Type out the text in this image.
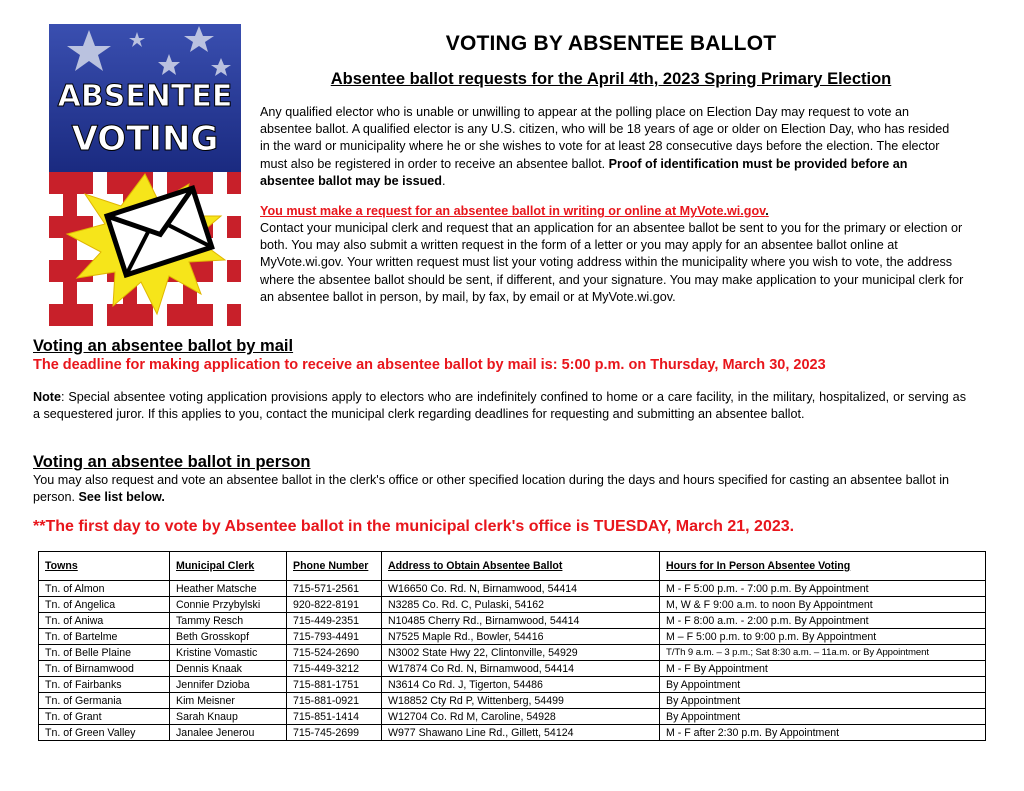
ABSENTEE
VOTING
VOTING BY ABSENTEE BALLOT
Absentee ballot requests for the April 4th, 2023 Spring Primary Election
Any qualified elector who is unable or unwilling to appear at the polling place on Election Day may request to vote an absentee ballot. A qualified elector is any U.S. citizen, who will be 18 years of age or older on Election Day, who has resided in the ward or municipality where he or she wishes to vote for at least 28 consecutive days before the election. The elector must also be registered in order to receive an absentee ballot. Proof of identification must be provided before an absentee ballot may be issued.
You must make a request for an absentee ballot in writing or online at MyVote.wi.gov.
Contact your municipal clerk and request that an application for an absentee ballot be sent to you for the primary or election or both. You may also submit a written request in the form of a letter or you may apply for an absentee ballot online at MyVote.wi.gov. Your written request must list your voting address within the municipality where you wish to vote, the address where the absentee ballot should be sent, if different, and your signature. You may make application to your municipal clerk for an absentee ballot in person, by mail, by fax, by email or at MyVote.wi.gov.
Voting an absentee ballot by mail
The deadline for making application to receive an absentee ballot by mail is: 5:00 p.m. on Thursday, March 30, 2023
Note: Special absentee voting application provisions apply to electors who are indefinitely confined to home or a care facility, in the military, hospitalized, or serving as a sequestered juror. If this applies to you, contact the municipal clerk regarding deadlines for requesting and submitting an absentee ballot.
Voting an absentee ballot in person
You may also request and vote an absentee ballot in the clerk's office or other specified location during the days and hours specified for casting an absentee ballot in person. See list below.
**The first day to vote by Absentee ballot in the municipal clerk's office is TUESDAY, March 21, 2023.
Towns	Municipal Clerk	Phone Number	Address to Obtain Absentee Ballot	Hours for In Person Absentee Voting
Tn. of Almon	Heather Matsche	715-571-2561	W16650 Co. Rd. N, Birnamwood, 54414	M - F 5:00 p.m. - 7:00 p.m. By Appointment
Tn. of Angelica	Connie Przybylski	920-822-8191	N3285 Co. Rd. C, Pulaski, 54162	M, W & F 9:00 a.m. to noon By Appointment
Tn. of Aniwa	Tammy Resch	715-449-2351	N10485 Cherry Rd., Birnamwood, 54414	M - F 8:00 a.m. - 2:00 p.m. By Appointment
Tn. of Bartelme	Beth Grosskopf	715-793-4491	N7525 Maple Rd., Bowler, 54416	M – F 5:00 p.m. to 9:00 p.m. By Appointment
Tn. of Belle Plaine	Kristine Vomastic	715-524-2690	N3002 State Hwy 22, Clintonville, 54929	T/Th 9 a.m. – 3 p.m.; Sat 8:30 a.m. – 11a.m. or By Appointment
Tn. of Birnamwood	Dennis Knaak	715-449-3212	W17874 Co Rd. N, Birnamwood, 54414	M - F By Appointment
Tn. of Fairbanks	Jennifer Dzioba	715-881-1751	N3614 Co Rd. J, Tigerton, 54486	By Appointment
Tn. of Germania	Kim Meisner	715-881-0921	W18852 Cty Rd P, Wittenberg, 54499	By Appointment
Tn. of Grant	Sarah Knaup	715-851-1414	W12704 Co. Rd M, Caroline, 54928	By Appointment
Tn. of Green Valley	Janalee Jenerou	715-745-2699	W977 Shawano Line Rd., Gillett, 54124	M - F after 2:30 p.m. By Appointment
